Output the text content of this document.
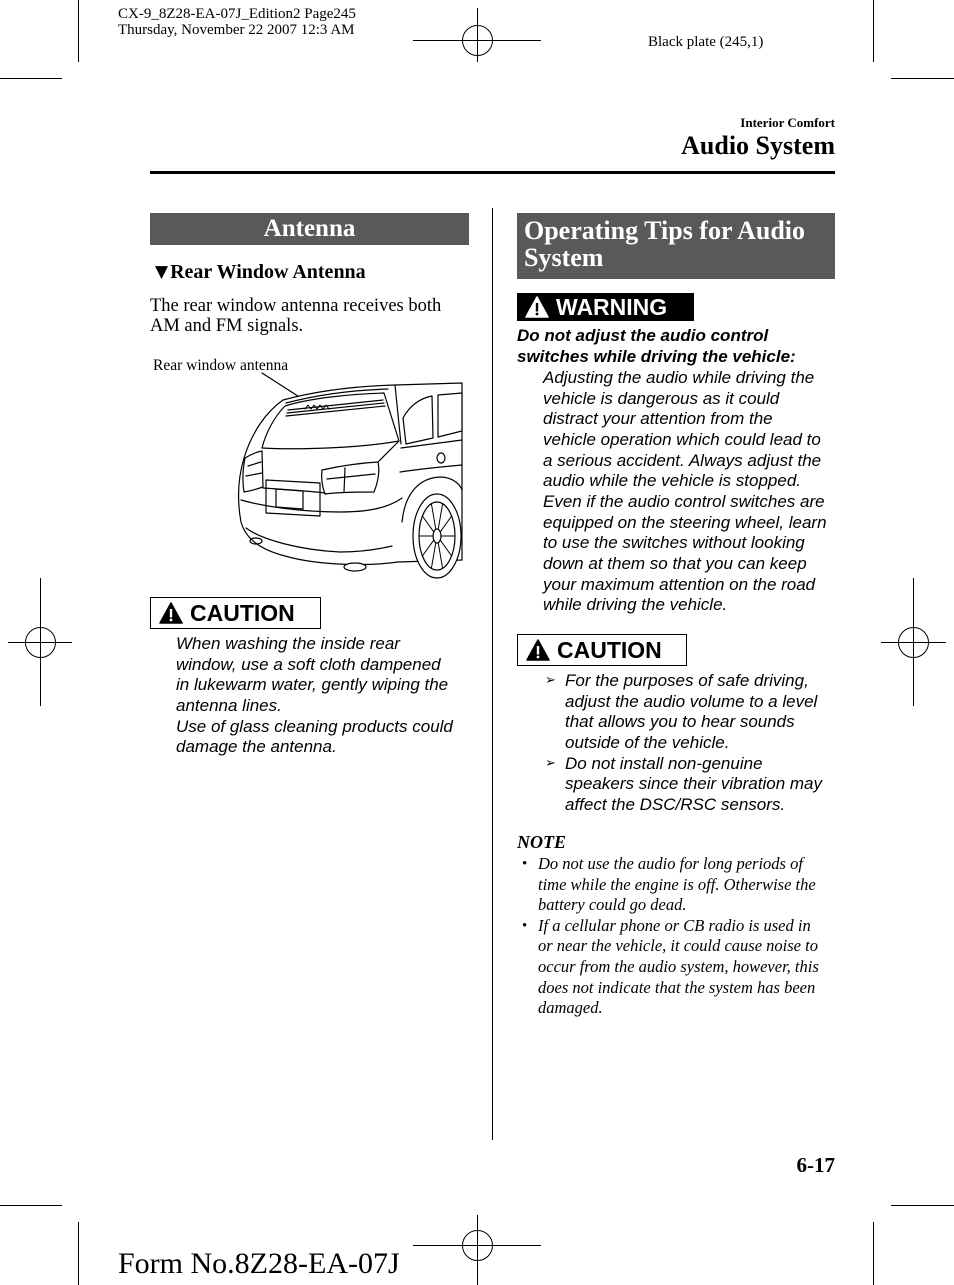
CX-9_8Z28-EA-07J_Edition2 Page245
Thursday, November 22 2007 12:3 AM
Black plate (245,1)
Interior Comfort
Audio System
Antenna
▼ Rear Window Antenna
The rear window antenna receives both
AM and FM signals.
Rear window antenna
CAUTION
When washing the inside rear
window, use a soft cloth dampened
in lukewarm water, gently wiping the
antenna lines.
Use of glass cleaning products could
damage the antenna.
Operating Tips for Audio
System
WARNING
Do not adjust the audio control
switches while driving the vehicle:
Adjusting the audio while driving the
vehicle is dangerous as it could
distract your attention from the
vehicle operation which could lead to
a serious accident. Always adjust the
audio while the vehicle is stopped.
Even if the audio control switches are
equipped on the steering wheel, learn
to use the switches without looking
down at them so that you can keep
your maximum attention on the road
while driving the vehicle.
CAUTION
➢ For the purposes of safe driving,
adjust the audio volume to a level
that allows you to hear sounds
outside of the vehicle.
➢ Do not install non-genuine
speakers since their vibration may
affect the DSC/RSC sensors.
NOTE
• Do not use the audio for long periods of
time while the engine is off. Otherwise the
battery could go dead.
• If a cellular phone or CB radio is used in
or near the vehicle, it could cause noise to
occur from the audio system, however, this
does not indicate that the system has been
damaged.
6-17
Form No.8Z28-EA-07J
